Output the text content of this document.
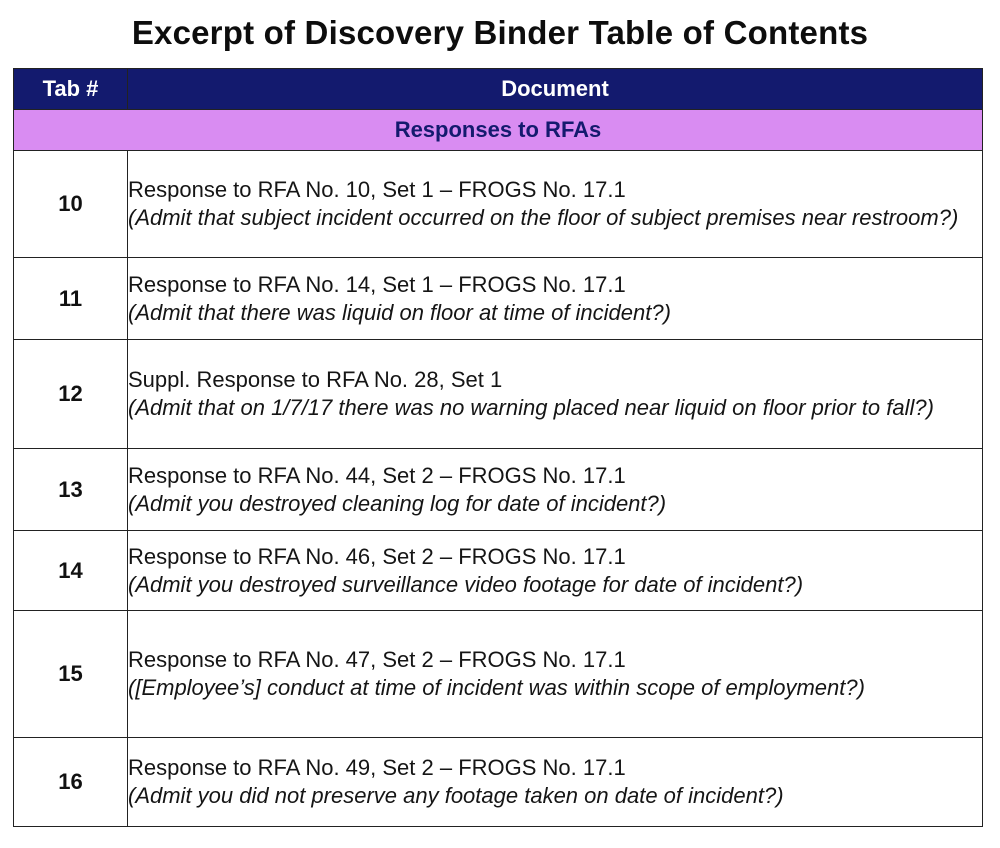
Excerpt of Discovery Binder Table of Contents
Tab #	Document
Responses to RFAs	
10	Response to RFA No. 10, Set 1 – FROGS No. 17.1
(Admit that subject incident occurred on the floor of subject premises near restroom?)

11	Response to RFA No. 14, Set 1 – FROGS No. 17.1
(Admit that there was liquid on floor at time of incident?)

12	Suppl. Response to RFA No. 28, Set 1
(Admit that on 1/7/17 there was no warning placed near liquid on floor prior to fall?)

13	Response to RFA No. 44, Set 2 – FROGS No. 17.1
(Admit you destroyed cleaning log for date of incident?)

14	Response to RFA No. 46, Set 2 – FROGS No. 17.1
(Admit you destroyed surveillance video footage for date of incident?)

15	Response to RFA No. 47, Set 2 – FROGS No. 17.1
([Employee’s] conduct at time of incident was within scope of employment?)

16	Response to RFA No. 49, Set 2 – FROGS No. 17.1
(Admit you did not preserve any footage taken on date of incident?)
